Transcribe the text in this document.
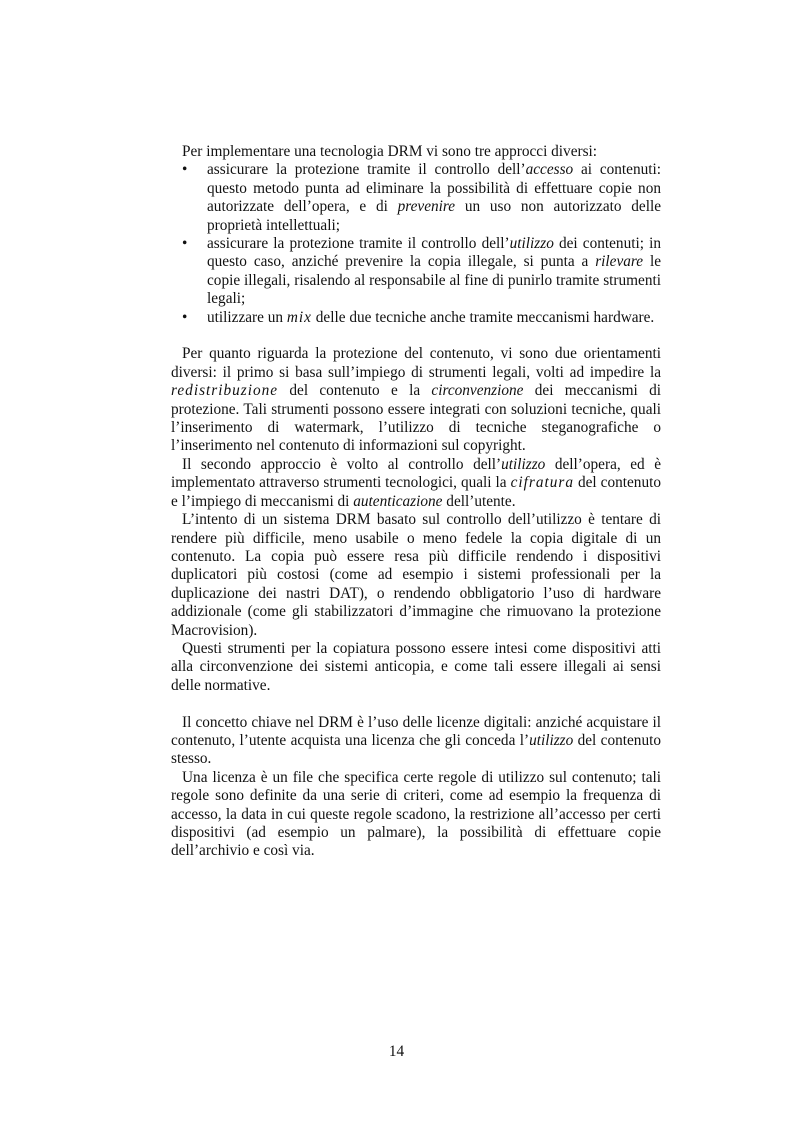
Per implementare una tecnologia DRM vi sono tre approcci diversi:

• assicurare la protezione tramite il controllo dell’accesso ai contenuti: questo metodo punta ad eliminare la possibilità di effettuare copie non autorizzate dell’opera, e di prevenire un uso non autorizzato delle proprietà intellettuali;
• assicurare la protezione tramite il controllo dell’utilizzo dei contenuti; in questo caso, anziché prevenire la copia illegale, si punta a rilevare le copie illegali, risalendo al responsabile al fine di punirlo tramite strumenti legali;
• utilizzare un mix delle due tecniche anche tramite meccanismi hardware.

Per quanto riguarda la protezione del contenuto, vi sono due orientamenti diversi: il primo si basa sull’impiego di strumenti legali, volti ad impedire la redistribuzione del contenuto e la circonvenzione dei meccanismi di protezione. Tali strumenti possono essere integrati con soluzioni tecniche, quali l’inserimento di watermark, l’utilizzo di tecniche steganografiche o l’inserimento nel contenuto di informazioni sul copyright.

Il secondo approccio è volto al controllo dell’utilizzo dell’opera, ed è implementato attraverso strumenti tecnologici, quali la cifratura del contenuto e l’impiego di meccanismi di autenticazione dell’utente.

L’intento di un sistema DRM basato sul controllo dell’utilizzo è tentare di rendere più difficile, meno usabile o meno fedele la copia digitale di un contenuto. La copia può essere resa più difficile rendendo i dispositivi duplicatori più costosi (come ad esempio i sistemi professionali per la duplicazione dei nastri DAT), o rendendo obbligatorio l’uso di hardware addizionale (come gli stabilizzatori d’immagine che rimuovano la protezione Macrovision).

Questi strumenti per la copiatura possono essere intesi come dispositivi atti alla circonvenzione dei sistemi anticopia, e come tali essere illegali ai sensi delle normative.

Il concetto chiave nel DRM è l’uso delle licenze digitali: anziché acquistare il contenuto, l’utente acquista una licenza che gli conceda l’utilizzo del contenuto stesso.

Una licenza è un file che specifica certe regole di utilizzo sul contenuto; tali regole sono definite da una serie di criteri, come ad esempio la frequenza di accesso, la data in cui queste regole scadono, la restrizione all’accesso per certi dispositivi (ad esempio un palmare), la possibilità di effettuare copie dell’archivio e così via.

14
